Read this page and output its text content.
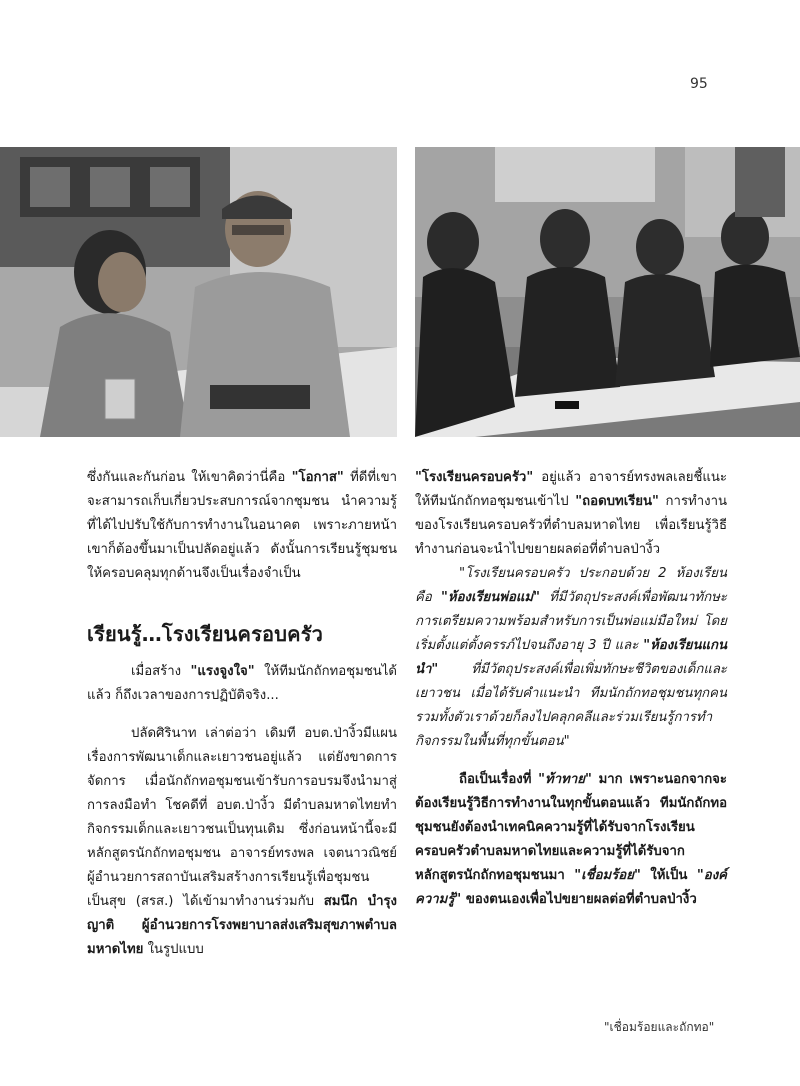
95

ซึ่งกันและกันก่อน ให้เขาคิดว่านี่คือ "โอกาส" ที่ดีที่เขาจะสามารถเก็บเกี่ยวประสบการณ์จากชุมชน นำความรู้ที่ได้ไปปรับใช้กับการทำงานในอนาคต เพราะภายหน้าเขาก็ต้องขึ้นมาเป็นปลัดอยู่แล้ว ดังนั้นการเรียนรู้ชุมชนให้ครอบคลุมทุกด้านจึงเป็นเรื่องจำเป็น

เรียนรู้…โรงเรียนครอบครัว

เมื่อสร้าง "แรงจูงใจ" ให้ทีมนักถักทอชุมชนได้แล้ว ก็ถึงเวลาของการปฏิบัติจริง...

ปลัดศิรินาท เล่าต่อว่า เดิมที อบต.ป่างิ้วมีแผนเรื่องการพัฒนาเด็กและเยาวชนอยู่แล้ว แต่ยังขาดการจัดการ เมื่อนักถักทอชุมชนเข้ารับการอบรมจึงนำมาสู่การลงมือทำ โชคดีที่ อบต.ป่างิ้ว มีตำบลมหาดไทยทำกิจกรรมเด็กและเยาวชนเป็นทุนเดิม ซึ่งก่อนหน้านี้จะมีหลักสูตรนักถักทอชุมชน อาจารย์ทรงพล เจตนาวณิชย์ ผู้อำนวยการสถาบันเสริมสร้างการเรียนรู้เพื่อชุมชนเป็นสุข (สรส.) ได้เข้ามาทำงานร่วมกับ สมนึก บำรุงญาติ ผู้อำนวยการโรงพยาบาลส่งเสริมสุขภาพตำบลมหาดไทย ในรูปแบบ

"โรงเรียนครอบครัว" อยู่แล้ว อาจารย์ทรงพลเลยชี้แนะให้ทีมนักถักทอชุมชนเข้าไป "ถอดบทเรียน" การทำงานของโรงเรียนครอบครัวที่ตำบลมหาดไทย เพื่อเรียนรู้วิธีทำงานก่อนจะนำไปขยายผลต่อที่ตำบลป่างิ้ว

"โรงเรียนครอบครัว ประกอบด้วย 2 ห้องเรียนคือ "ห้องเรียนพ่อแม่" ที่มีวัตถุประสงค์เพื่อพัฒนาทักษะการเตรียมความพร้อมสำหรับการเป็นพ่อแม่มือใหม่ โดยเริ่มตั้งแต่ตั้งครรภ์ไปจนถึงอายุ 3 ปี และ "ห้องเรียนแกนนำ" ที่มีวัตถุประสงค์เพื่อเพิ่มทักษะชีวิตของเด็กและเยาวชน เมื่อได้รับคำแนะนำ ทีมนักถักทอชุมชนทุกคนรวมทั้งตัวเราด้วยก็ลงไปคลุกคลีและร่วมเรียนรู้การทำกิจกรรมในพื้นที่ทุกขั้นตอน"

ถือเป็นเรื่องที่ "ท้าทาย" มาก เพราะนอกจากจะต้องเรียนรู้วิธีการทำงานในทุกขั้นตอนแล้ว ทีมนักถักทอชุมชนยังต้องนำเทคนิคความรู้ที่ได้รับจากโรงเรียนครอบครัวตำบลมหาดไทยและความรู้ที่ได้รับจากหลักสูตรนักถักทอชุมชนมา "เชื่อมร้อย" ให้เป็น "องค์ความรู้" ของตนเองเพื่อไปขยายผลต่อที่ตำบลป่างิ้ว

"เชื่อมร้อยและถักทอ"
